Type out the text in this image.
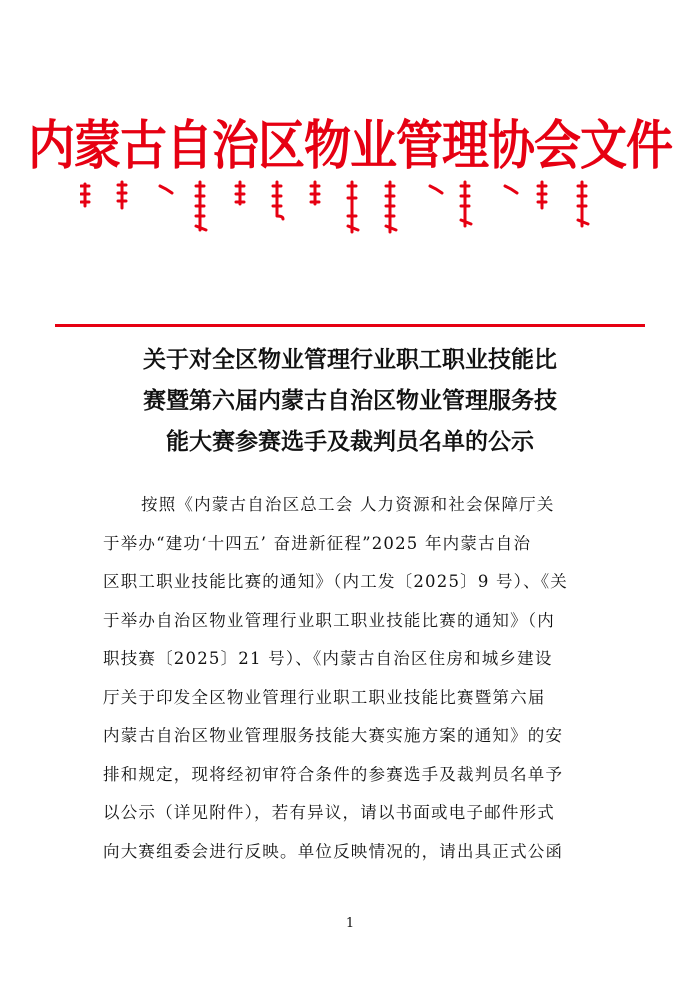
内蒙古自治区物业管理协会文件
关于对全区物业管理行业职工职业技能比
赛暨第六届内蒙古自治区物业管理服务技
能大赛参赛选手及裁判员名单的公示
按照《内蒙古自治区总工会 人力资源和社会保障厅关
于举办“建功‘十四五’ 奋进新征程”2025 年内蒙古自治
区职工职业技能比赛的通知》（内工发〔2025〕9 号）、《关
于举办自治区物业管理行业职工职业技能比赛的通知》（内
职技赛〔2025〕21 号）、《内蒙古自治区住房和城乡建设
厅关于印发全区物业管理行业职工职业技能比赛暨第六届
内蒙古自治区物业管理服务技能大赛实施方案的通知》的安
排和规定，现将经初审符合条件的参赛选手及裁判员名单予
以公示（详见附件），若有异议，请以书面或电子邮件形式
向大赛组委会进行反映。单位反映情况的，请出具正式公函
1
